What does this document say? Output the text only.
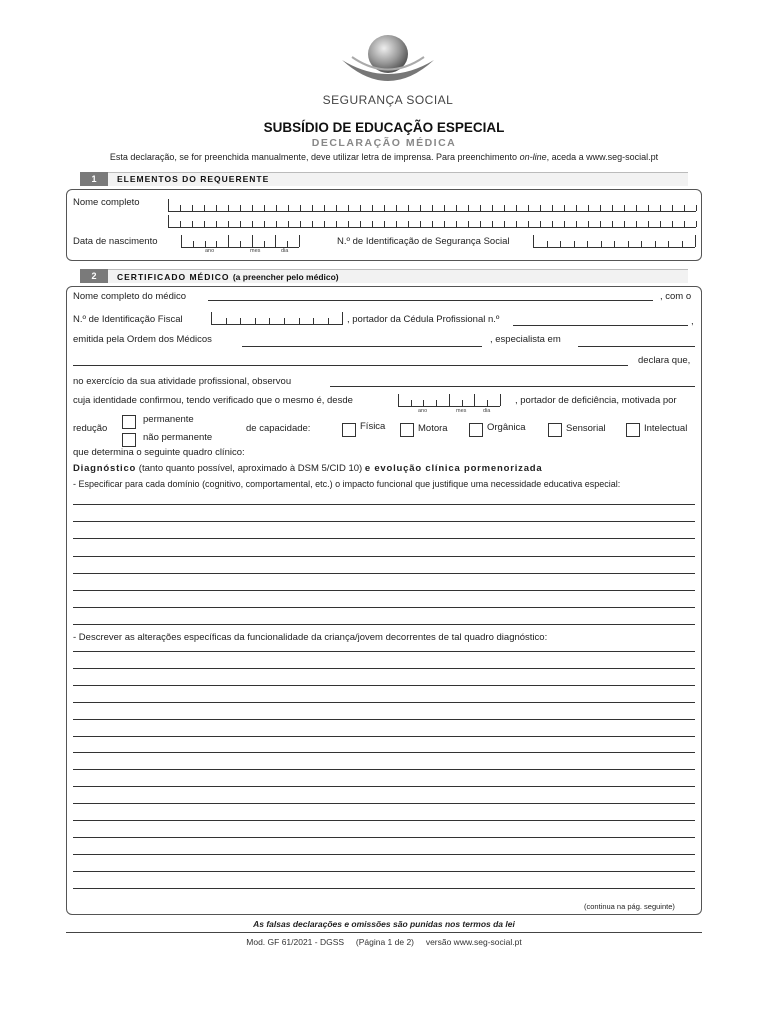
SEGURANÇA SOCIAL
SUBSÍDIO DE EDUCAÇÃO ESPECIAL
DECLARAÇÃO MÉDICA
Esta declaração, se for preenchida manualmente, deve utilizar letra de imprensa. Para preenchimento on-line, aceda a www.seg-social.pt
1	ELEMENTOS DO REQUERENTE
Nome completo
Data de nascimento
ano	mes	dia
N.º de Identificação de Segurança Social
2	CERTIFICADO MÉDICO (a preencher pelo médico)
Nome completo do médico	, com o
N.º de Identificação Fiscal	, portador da Cédula Profissional n.º	,
emitida pela Ordem dos Médicos	, especialista em
declara que,
no exercício da sua atividade profissional, observou
cuja identidade confirmou, tendo verificado que o mesmo é, desde
ano	mes	dia
, portador de deficiência, motivada por
redução
permanente
não permanente
de capacidade:	Física	Motora	Orgânica	Sensorial	Intelectual
que determina o seguinte quadro clínico:
Diagnóstico (tanto quanto possível, aproximado à DSM 5/CID 10) e evolução clínica pormenorizada
- Especificar para cada domínio (cognitivo, comportamental, etc.) o impacto funcional que justifique uma necessidade educativa especial:
- Descrever as alterações específicas da funcionalidade da criança/jovem decorrentes de tal quadro diagnóstico:
(continua na pág. seguinte)
As falsas declarações e omissões são punidas nos termos da lei
Mod. GF 61/2021 - DGSS (Página 1 de 2) versão www.seg-social.pt
